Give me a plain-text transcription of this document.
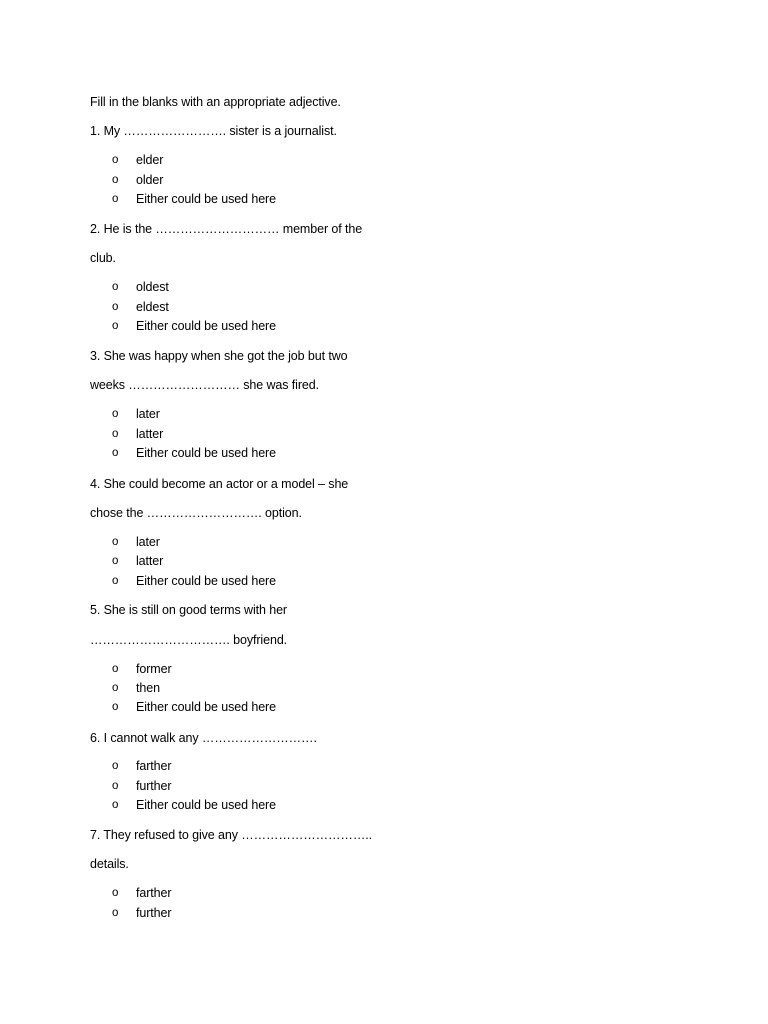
Fill in the blanks with an appropriate adjective.
1. My ……………………. sister is a journalist.
o elder
o older
o Either could be used here
2. He is the ………………………… member of the
club.
o oldest
o eldest
o Either could be used here
3. She was happy when she got the job but two
weeks ……………………… she was fired.
o later
o latter
o Either could be used here
4. She could become an actor or a model – she
chose the ………………………. option.
o later
o latter
o Either could be used here
5. She is still on good terms with her
……………………………. boyfriend.
o former
o then
o Either could be used here
6. I cannot walk any ……………………….
o farther
o further
o Either could be used here
7. They refused to give any …………………………..
details.
o farther
o further
